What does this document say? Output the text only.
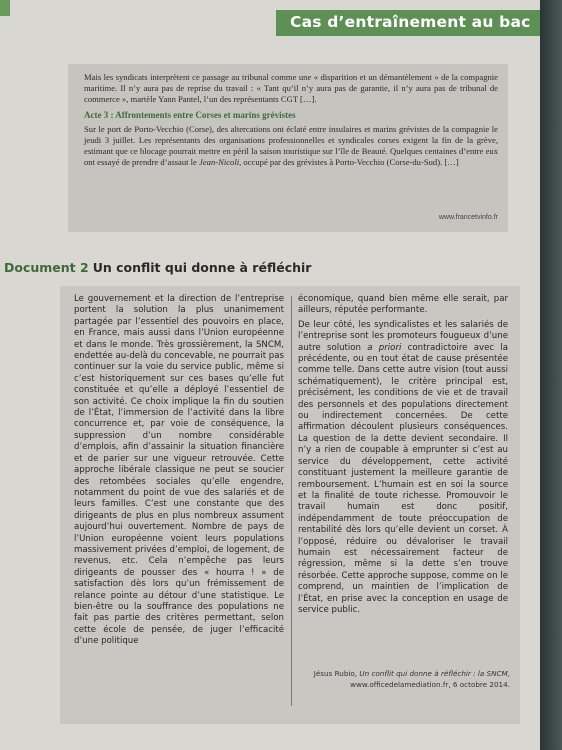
Cas d’entraînement au bac

Mais les syndicats interprètent ce passage au tribunal comme une « disparition et un démantèlement » de la compagnie maritime. Il n’y aura pas de reprise du travail : « Tant qu’il n’y aura pas de garantie, il n’y aura pas de tribunal de commerce », martèle Yann Pantel, l’un des représentants CGT […].

Acte 3 : Affrontements entre Corses et marins grévistes

Sur le port de Porto-Vecchio (Corse), des altercations ont éclaté entre insulaires et marins grévistes de la compagnie le jeudi 3 juillet. Les représentants des organisations professionnelles et syndicales corses exigent la fin de la grève, estimant que ce blocage pourrait mettre en péril la saison touristique sur l’île de Beauté. Quelques centaines d’entre eux ont essayé de prendre d’assaut le Jean-Nicoli, occupé par des grévistes à Porto-Vecchio (Corse-du-Sud). […]

www.francetvinfo.fr
Document 2 Un conflit qui donne à réfléchir

Le gouvernement et la direction de l’entreprise portent la solution la plus unanimement partagée par l’essentiel des pouvoirs en place, en France, mais aussi dans l’Union européenne et dans le monde. Très grossièrement, la SNCM, endettée au-delà du concevable, ne pourrait pas continuer sur la voie du service public, même si c’est historiquement sur ces bases qu’elle fut constituée et qu’elle a déployé l’essentiel de son activité. Ce choix implique la fin du soutien de l’État, l’immersion de l’activité dans la libre concurrence et, par voie de conséquence, la suppression d’un nombre considérable d’emplois, afin d’assainir la situation financière et de parier sur une vigueur retrouvée. Cette approche libérale classique ne peut se soucier des retombées sociales qu’elle engendre, notamment du point de vue des salariés et de leurs familles. C’est une constante que des dirigeants de plus en plus nombreux assument aujourd’hui ouvertement. Nombre de pays de l’Union européenne voient leurs populations massivement privées d’emploi, de logement, de revenus, etc. Cela n’empêche pas leurs dirigeants de pousser des « hourra ! » de satisfaction dès lors qu’un frémissement de relance pointe au détour d’une statistique. Le bien-être ou la souffrance des populations ne fait pas partie des critères permettant, selon cette école de pensée, de juger l’efficacité d’une politique

économique, quand bien même elle serait, par ailleurs, réputée performante.

De leur côté, les syndicalistes et les salariés de l’entreprise sont les promoteurs fougueux d’une autre solution a priori contradictoire avec la précédente, ou en tout état de cause présentée comme telle. Dans cette autre vision (tout aussi schématiquement), le critère principal est, précisément, les conditions de vie et de travail des personnels et des populations directement ou indirectement concernées. De cette affirmation découlent plusieurs conséquences. La question de la dette devient secondaire. Il n’y a rien de coupable à emprunter si c’est au service du développement, cette activité constituant justement la meilleure garantie de remboursement. L’humain est en soi la source et la finalité de toute richesse. Promouvoir le travail humain est donc positif, indépendamment de toute préoccupation de rentabilité dès lors qu’elle devient un corset. À l’opposé, réduire ou dévaloriser le travail humain est nécessairement facteur de régression, même si la dette s’en trouve résorbée. Cette approche suppose, comme on le comprend, un maintien de l’implication de l’État, en prise avec la conception en usage de service public.

Jésus Rubio, Un conflit qui donne à réfléchir : la SNCM,
www.officedelamediation.fr, 6 octobre 2014.
